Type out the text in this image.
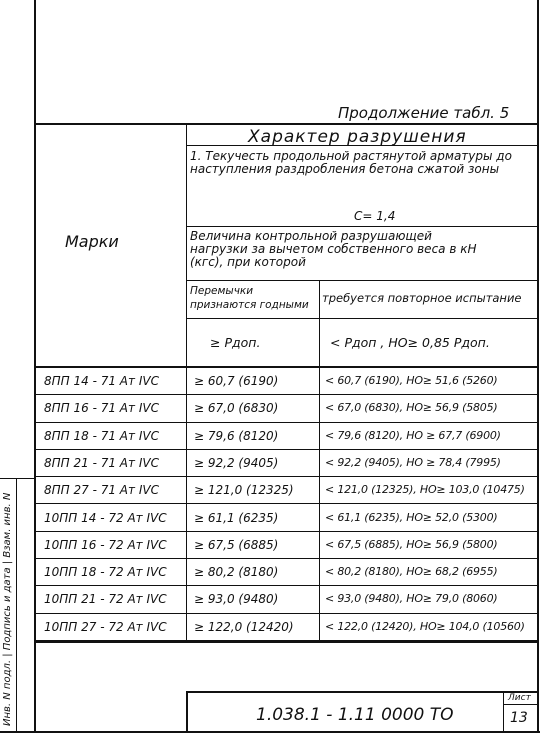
Продолжение табл. 5
Характер разрушения
1. Текучесть продольной растянутой арматуры до наступления раздробления бетона сжатой зоны
С= 1,4
Величина контрольной разрушающей нагрузки за вычетом собственного веса в кН (кгс), при которой
Марки
Перемычки признаются годными	требуется повторное испытание
≥ Pдоп.	< Pдоп , НО≥ 0,85 Pдоп.
8ПП 14 - 71 Ат IVС	≥ 60,7 (6190)	< 60,7 (6190), НО≥ 51,6 (5260)
8ПП 16 - 71 Ат IVС	≥ 67,0 (6830)	< 67,0 (6830), НО≥ 56,9 (5805)
8ПП 18 - 71 Ат IVС	≥ 79,6 (8120)	< 79,6 (8120), НО ≥ 67,7 (6900)
8ПП 21 - 71 Ат IVС	≥ 92,2 (9405)	< 92,2 (9405), НО ≥ 78,4 (7995)
8ПП 27 - 71 Ат IVС	≥ 121,0 (12325)	< 121,0 (12325), НО≥ 103,0 (10475)
10ПП 14 - 72 Ат IVС ≥ 61,1 (6235)	< 61,1 (6235), НО≥ 52,0 (5300)
10ПП 16 - 72 Ат IVС ≥ 67,5 (6885)	< 67,5 (6885), НО≥ 56,9 (5800)
10ПП 18 - 72 Ат IVС ≥ 80,2 (8180)	< 80,2 (8180), НО≥ 68,2 (6955)
10ПП 21 - 72 Ат IVС ≥ 93,0 (9480)	< 93,0 (9480), НО≥ 79,0 (8060)
10ПП 27 - 72 Ат IVС ≥ 122,0 (12420)	< 122,0 (12420), НО≥ 104,0 (10560)
1.038.1 - 1.11 0000 ТО
Лист
13
Инв. N подл. | Подпись и дата | Взам. инв. N
